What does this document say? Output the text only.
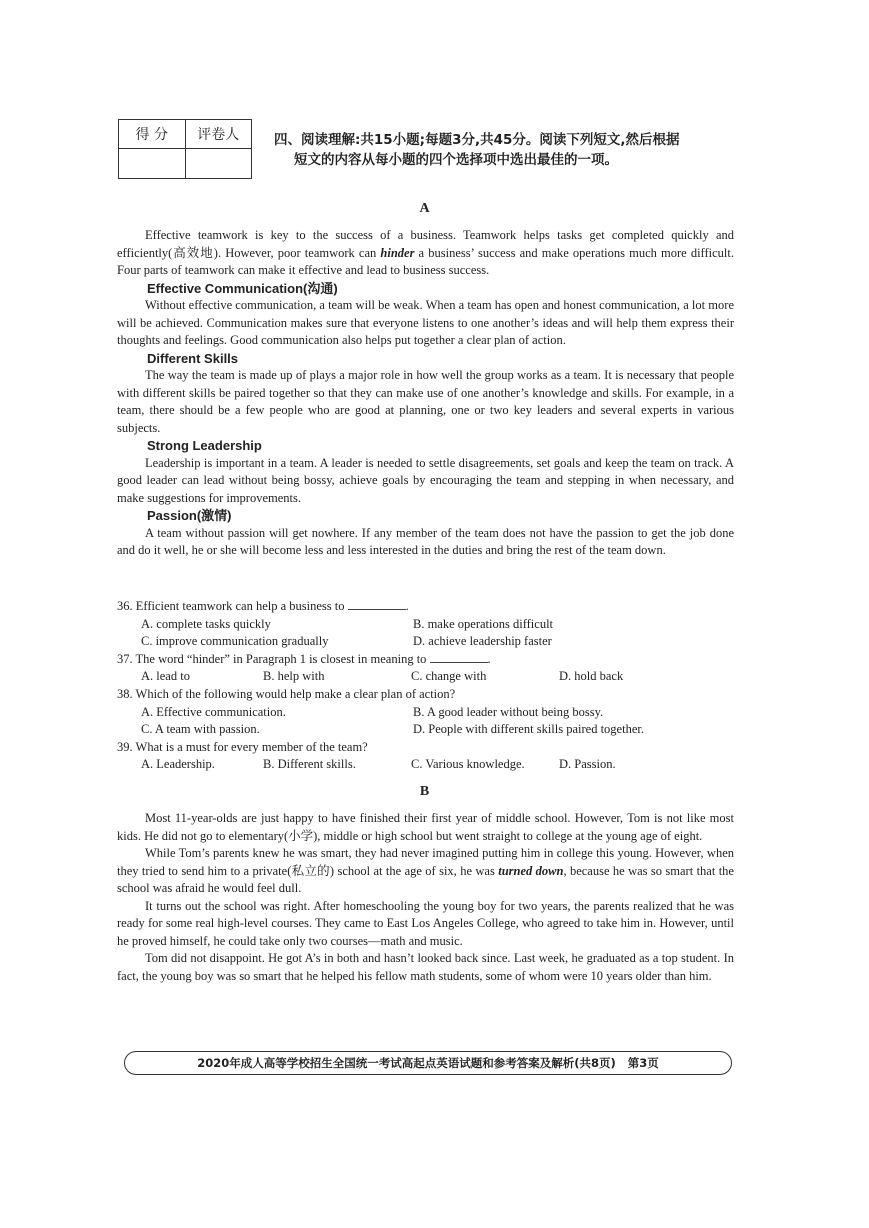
得 分	评卷人	四、阅读理解:共15小题;每题3分,共45分。阅读下列短文,然后根据
短文的内容从每小题的四个选择项中选出最佳的一项。
A

Effective teamwork is key to the success of a business. Teamwork helps tasks get completed quickly and efficiently(高效地). However, poor teamwork can hinder a business’ success and make operations much more difficult. Four parts of teamwork can make it effective and lead to business success.

Effective Communication(沟通)

Without effective communication, a team will be weak. When a team has open and honest communication, a lot more will be achieved. Communication makes sure that everyone listens to one another’s ideas and will help them express their thoughts and feelings. Good communication also helps put together a clear plan of action.

Different Skills

The way the team is made up of plays a major role in how well the group works as a team. It is necessary that people with different skills be paired together so that they can make use of one another’s knowledge and skills. For example, in a team, there should be a few people who are good at planning, one or two key leaders and several experts in various subjects.

Strong Leadership

Leadership is important in a team. A leader is needed to settle disagreements, set goals and keep the team on track. A good leader can lead without being bossy, achieve goals by encouraging the team and stepping in when necessary, and make suggestions for improvements.

Passion(激情)

A team without passion will get nowhere. If any member of the team does not have the passion to get the job done and do it well, he or she will become less and less interested in the duties and bring the rest of the team down.

36. Efficient teamwork can help a business to	.
A. complete tasks quickly	B. make operations difficult
C. improve communication gradually	D. achieve leadership faster
37. The word “hinder” in Paragraph 1 is closest in meaning to	.
A. lead to	B. help with	C. change with	D. hold back
38. Which of the following would help make a clear plan of action?
A. Effective communication.	B. A good leader without being bossy.
C. A team with passion.	D. People with different skills paired together.
39. What is a must for every member of the team?
A. Leadership.	B. Different skills.	C. Various knowledge.	D. Passion.
B

Most 11-year-olds are just happy to have finished their first year of middle school. However, Tom is not like most kids. He did not go to elementary(小学), middle or high school but went straight to college at the young age of eight.

While Tom’s parents knew he was smart, they had never imagined putting him in college this young. However, when they tried to send him to a private(私立的) school at the age of six, he was turned down, because he was so smart that the school was afraid he would feel dull.

It turns out the school was right. After homeschooling the young boy for two years, the parents realized that he was ready for some real high-level courses. They came to East Los Angeles College, who agreed to take him in. However, until he proved himself, he could take only two courses—math and music.

Tom did not disappoint. He got A’s in both and hasn’t looked back since. Last week, he graduated as a top student. In fact, the young boy was so smart that he helped his fellow math students, some of whom were 10 years older than him.

2020年成人高等学校招生全国统一考试高起点英语试题和参考答案及解析(共8页) 第3页
